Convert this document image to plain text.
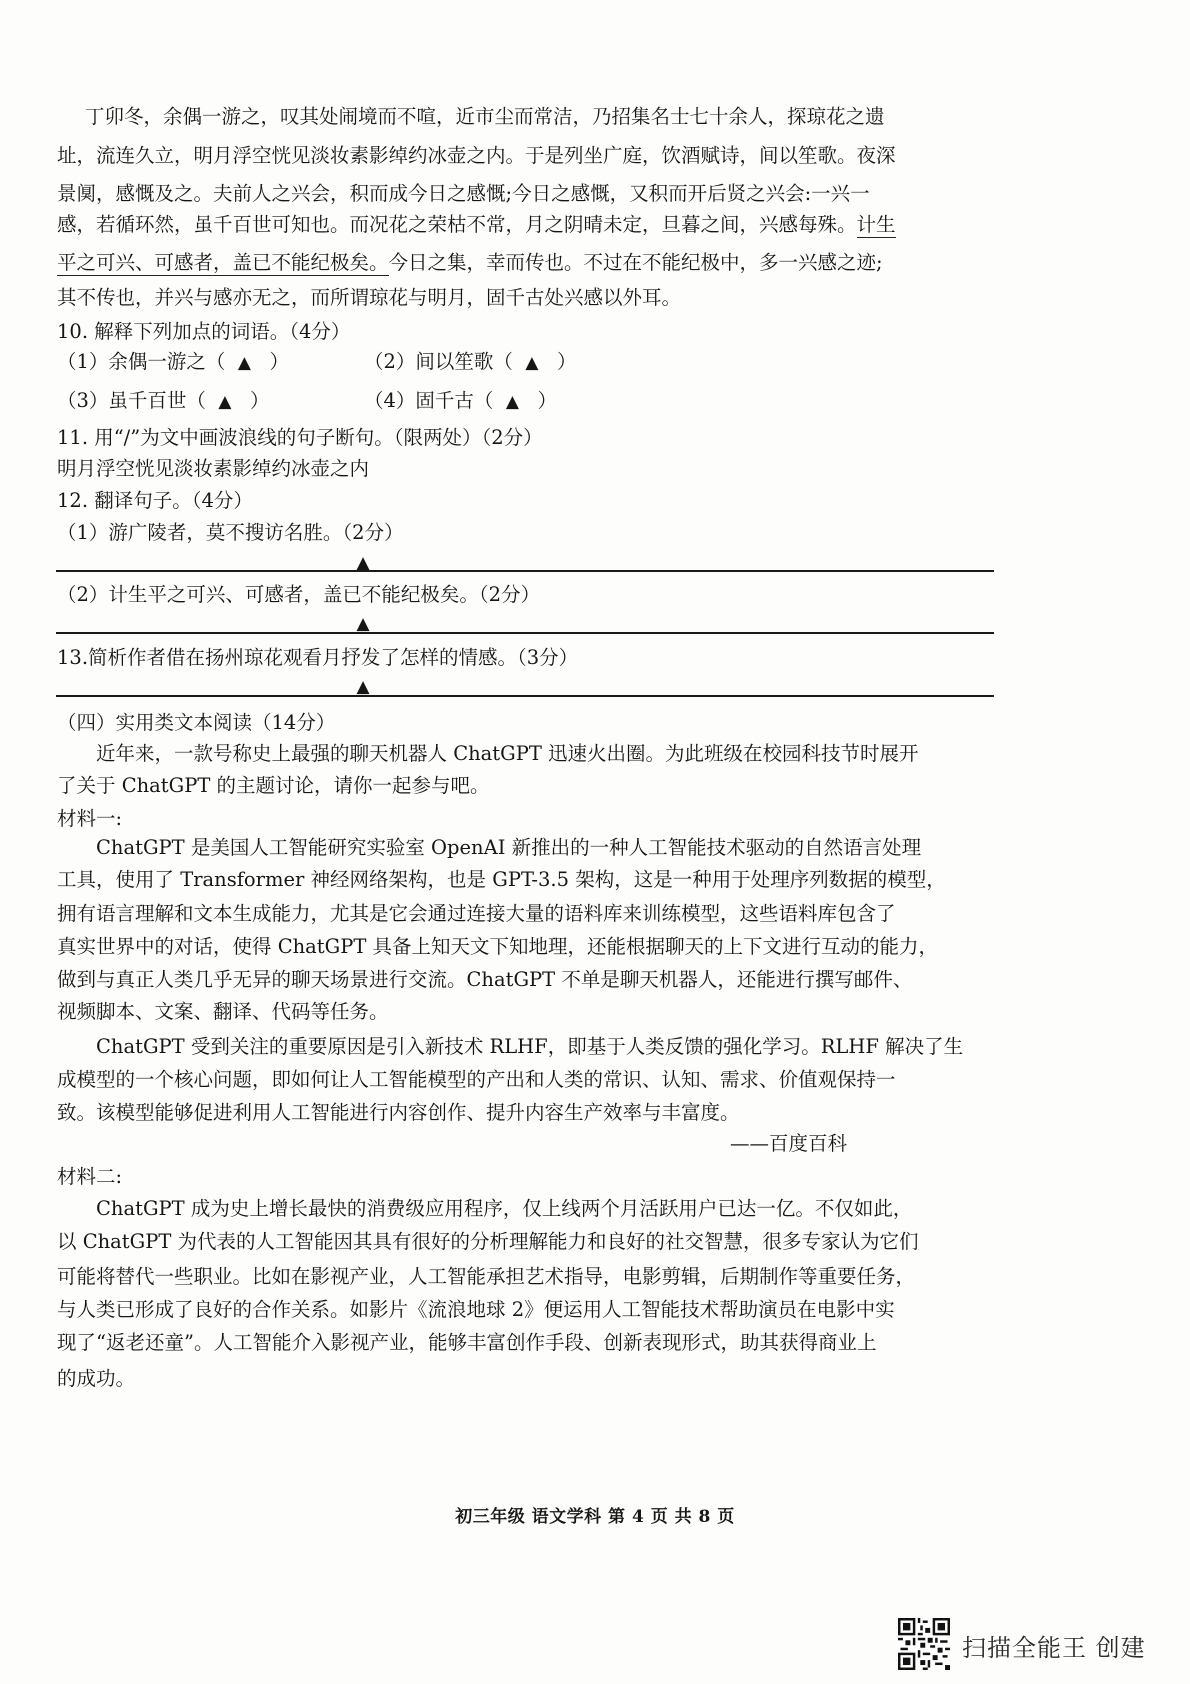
丁卯冬，余偶一游之，叹其处闹境而不喧，近市尘而常洁，乃招集名士七十余人，探琼花之遗
址，流连久立，明月浮空恍见淡妆素影绰约冰壶之内。于是列坐广庭，饮酒赋诗，间以笙歌。夜深
景阒，感慨及之。夫前人之兴会，积而成今日之感慨;今日之感慨，又积而开后贤之兴会:一兴一
感，若循环然，虽千百世可知也。而况花之荣枯不常，月之阴晴未定，旦暮之间，兴感每殊。计生
平之可兴、可感者，盖已不能纪极矣。今日之集，幸而传也。不过在不能纪极中，多一兴感之迹;
其不传也，并兴与感亦无之，而所谓琼花与明月，固千古处兴感以外耳。
10. 解释下列加点的词语。（4分）
（1）余偶一游之（ ▲ ）	（2）间以笙歌（ ▲ ）
（3）虽千百世（ ▲ ）	（4）固千古（ ▲ ）
11. 用“/”为文中画波浪线的句子断句。（限两处）（2分）
明月浮空恍见淡妆素影绰约冰壶之内
12. 翻译句子。（4分）
（1）游广陵者，莫不搜访名胜。（2分）
▲
（2）计生平之可兴、可感者，盖已不能纪极矣。（2分）
▲
13.简析作者借在扬州琼花观看月抒发了怎样的情感。（3分）
▲
（四）实用类文本阅读（14分）
近年来，一款号称史上最强的聊天机器人 ChatGPT 迅速火出圈。为此班级在校园科技节时展开
了关于 ChatGPT 的主题讨论，请你一起参与吧。
材料一:
ChatGPT 是美国人工智能研究实验室 OpenAI 新推出的一种人工智能技术驱动的自然语言处理
工具，使用了 Transformer 神经网络架构，也是 GPT-3.5 架构，这是一种用于处理序列数据的模型，
拥有语言理解和文本生成能力，尤其是它会通过连接大量的语料库来训练模型，这些语料库包含了
真实世界中的对话，使得 ChatGPT 具备上知天文下知地理，还能根据聊天的上下文进行互动的能力，
做到与真正人类几乎无异的聊天场景进行交流。ChatGPT 不单是聊天机器人，还能进行撰写邮件、
视频脚本、文案、翻译、代码等任务。
ChatGPT 受到关注的重要原因是引入新技术 RLHF，即基于人类反馈的强化学习。RLHF 解决了生
成模型的一个核心问题，即如何让人工智能模型的产出和人类的常识、认知、需求、价值观保持一
致。该模型能够促进利用人工智能进行内容创作、提升内容生产效率与丰富度。
——百度百科
材料二:
ChatGPT 成为史上增长最快的消费级应用程序，仅上线两个月活跃用户已达一亿。不仅如此，
以 ChatGPT 为代表的人工智能因其具有很好的分析理解能力和良好的社交智慧，很多专家认为它们
可能将替代一些职业。比如在影视产业，人工智能承担艺术指导，电影剪辑，后期制作等重要任务，
与人类已形成了良好的合作关系。如影片《流浪地球 2》便运用人工智能技术帮助演员在电影中实
现了“返老还童”。人工智能介入影视产业，能够丰富创作手段、创新表现形式，助其获得商业上
的成功。
初三年级 语文学科 第 4 页 共 8 页
扫描全能王 创建
